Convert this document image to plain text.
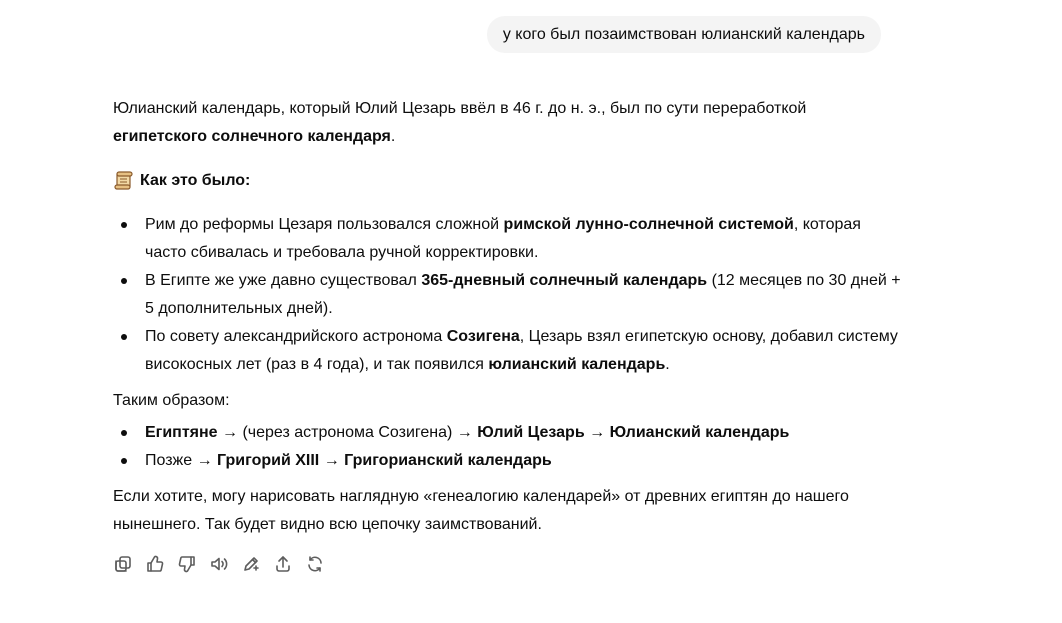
у кого был позаимствован юлианский календарь

Юлианский календарь, который Юлий Цезарь ввёл в 46 г. до н. э., был по сути переработкой египетского солнечного календаря.

Как это было:

Рим до реформы Цезаря пользовался сложной римской лунно-солнечной системой, которая часто сбивалась и требовала ручной корректировки.
В Египте же уже давно существовал 365-дневный солнечный календарь (12 месяцев по 30 дней + 5 дополнительных дней).
По совету александрийского астронома Созигена, Цезарь взял египетскую основу, добавил систему високосных лет (раз в 4 года), и так появился юлианский календарь.

Таким образом:

Египтяне → (через астронома Созигена) → Юлий Цезарь → Юлианский календарь
Позже → Григорий XIII → Григорианский календарь

Если хотите, могу нарисовать наглядную «генеалогию календарей» от древних египтян до нашего нынешнего. Так будет видно всю цепочку заимствований.
